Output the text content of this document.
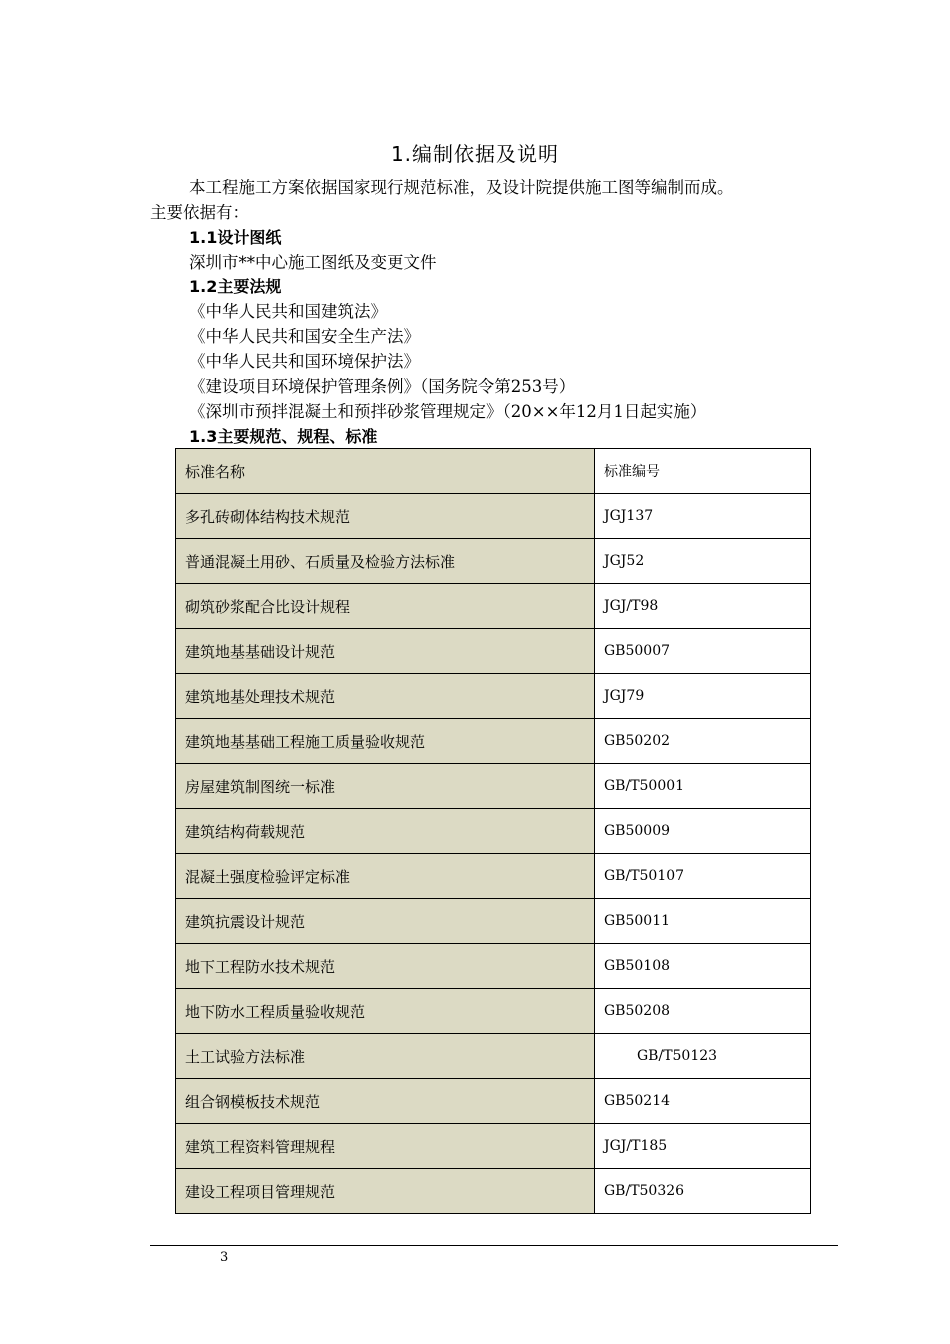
1.编制依据及说明
本工程施工方案依据国家现行规范标准，及设计院提供施工图等编制而成。
主要依据有：
1.1设计图纸
深圳市**中心施工图纸及变更文件
1.2主要法规
《中华人民共和国建筑法》
《中华人民共和国安全生产法》
《中华人民共和国环境保护法》
《建设项目环境保护管理条例》（国务院令第253号）
《深圳市预拌混凝土和预拌砂浆管理规定》（20××年12月1日起实施）
1.3主要规范、规程、标准
标准名称	标准编号
多孔砖砌体结构技术规范	JGJ137
普通混凝土用砂、石质量及检验方法标准	JGJ52
砌筑砂浆配合比设计规程	JGJ/T98
建筑地基基础设计规范	GB50007
建筑地基处理技术规范	JGJ79
建筑地基基础工程施工质量验收规范	GB50202
房屋建筑制图统一标准	GB/T50001
建筑结构荷载规范	GB50009
混凝土强度检验评定标准	GB/T50107
建筑抗震设计规范	GB50011
地下工程防水技术规范	GB50108
地下防水工程质量验收规范	GB50208
土工试验方法标准	GB/T50123
组合钢模板技术规范	GB50214
建筑工程资料管理规程	JGJ/T185
建设工程项目管理规范	GB/T50326
3
